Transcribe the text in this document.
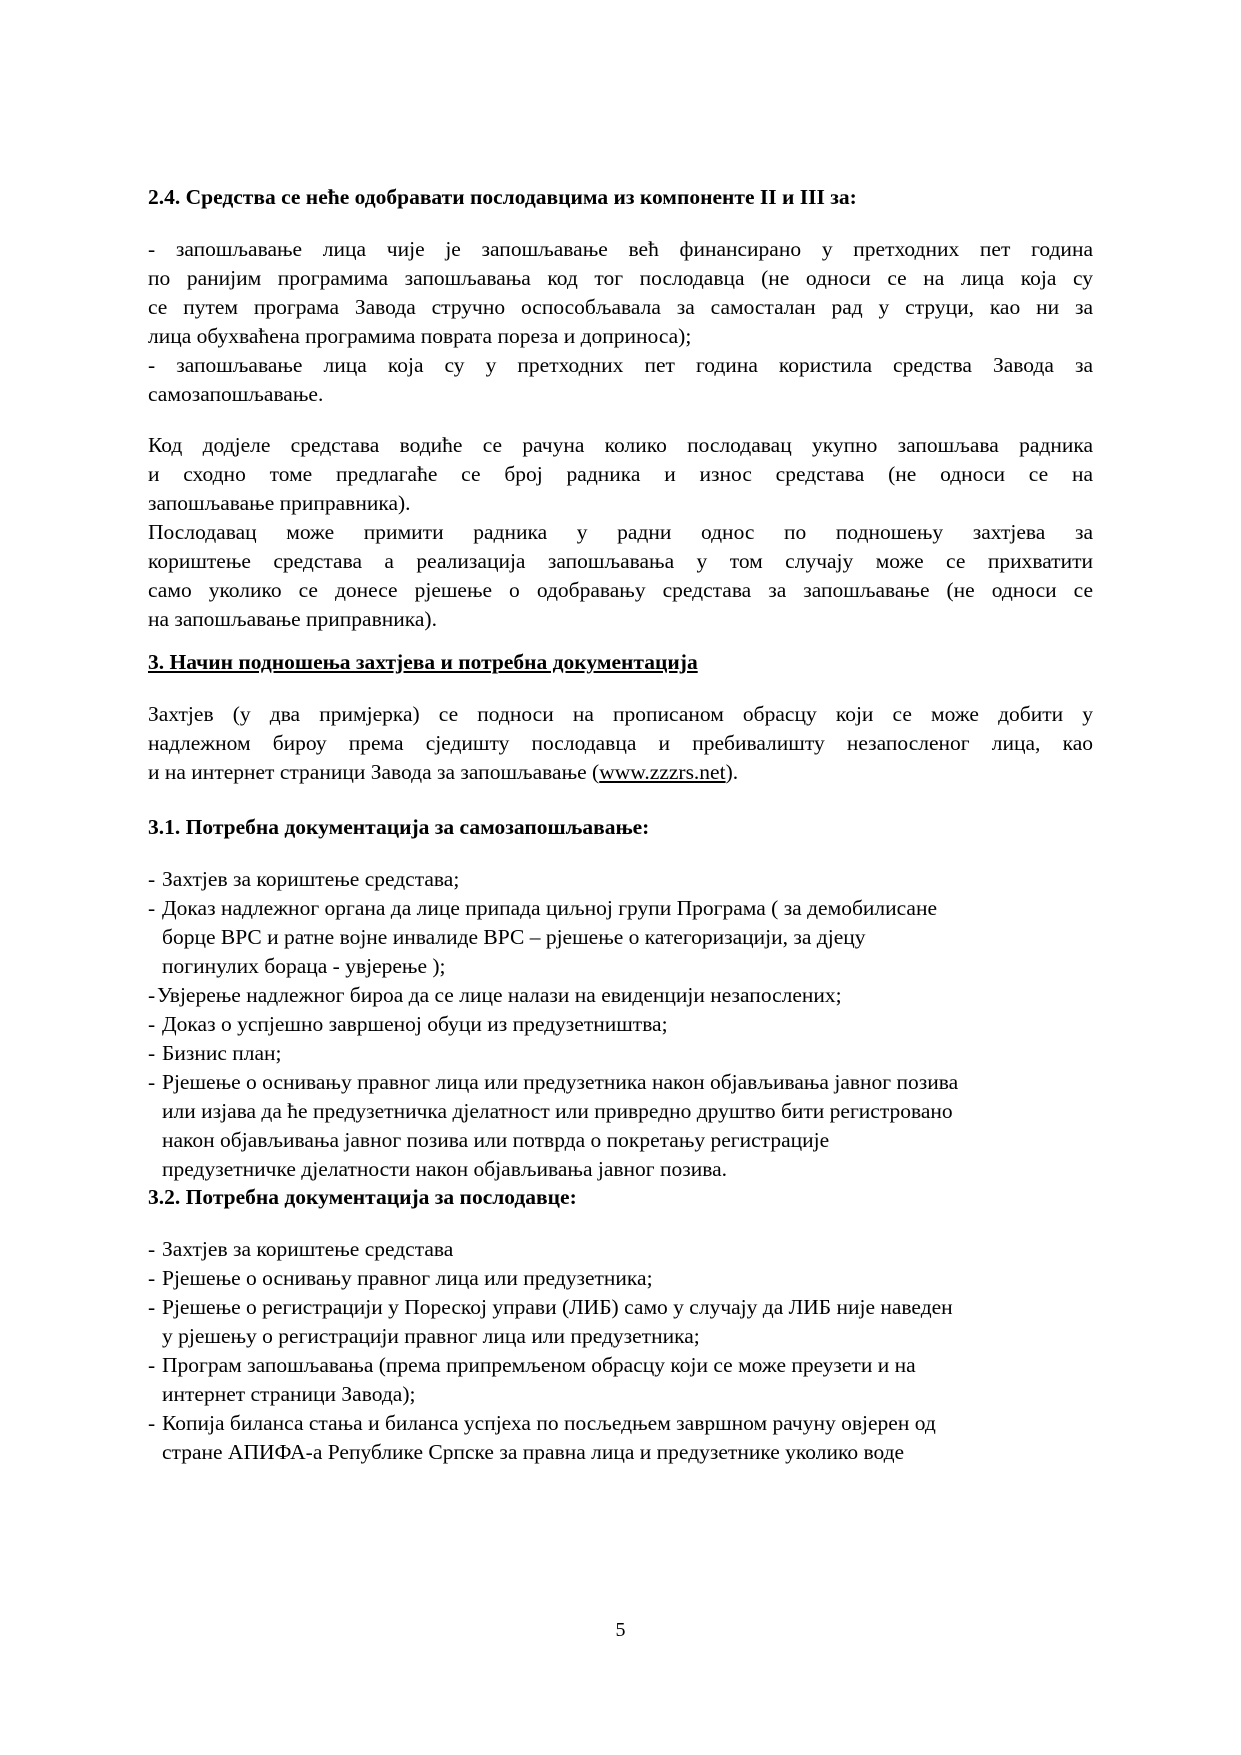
2.4. Средства се неће одобравати послодавцима из компоненте II и III за:

- запошљавање лица чије је запошљавање већ финансирано у претходних пет година
по ранијим програмима запошљавања код тог послодавца (не односи се на лица која су
се путем програма Завода стручно оспособљавала за самосталан рад у струци, као ни за
лица обухваћена програмима поврата пореза и доприноса);
- запошљавање лица која су у претходних пет година користила средства Завода за
самозапошљавање.
Код додјеле средстава водиће се рачуна колико послодавац укупно запошљава радника
и сходно томе предлагаће се број радника и износ средстава (не односи се на
запошљавање приправника).
Послодавац може примити радника у радни однос по подношењу захтјева за
кориштење средстава а реализација запошљавања у том случају може се прихватити
само уколико се донесе рјешење о одобравању средстава за запошљавање (не односи се
на запошљавање приправника).

3. Начин подношења захтјева и потребна документација

Захтјев (у два примјерка) се подноси на прописаном обрасцу који се може добити у
надлежном бироу према сједишту послодавца и пребивалишту незапосленог лица, као
и на интернет страници Завода за запошљавање (www.zzzrs.net).

3.1. Потребна документација за самозапошљавање:

- Захтјев за кориштење средстава;
- Доказ надлежног органа да лице припада циљној групи Програма ( за демобилисане
борце ВРС и ратне војне инвалиде ВРС – рјешење о категоризацији, за дјецу
погинулих бораца - увјерење );
- Увјерење надлежног бироа да се лице налази на евиденцији незапослених;
- Доказ о успјешно завршеној обуци из предузетништва;
- Бизнис план;
- Рјешење о оснивању правног лица или предузетника након објављивања јавног позива
или изјава да ће предузетничка дјелатност или привредно друштво бити регистровано
након објављивања јавног позива или потврда о покретању регистрације
предузетничке дјелатности након објављивања јавног позива.

3.2. Потребна документација за послодавце:

- Захтјев за кориштење средстава
- Рјешење о оснивању правног лица или предузетника;
- Рјешење о регистрацији у Пореској управи (ЛИБ) само у случају да ЛИБ није наведен
у рјешењу о регистрацији правног лица или предузетника;
- Програм запошљавања (према припремљеном обрасцу који се може преузети и на
интернет страници Завода);
- Копија биланса стања и биланса успјеха по посљедњем завршном рачуну овјерен од
стране АПИФА-а Републике Српске за правна лица и предузетнике уколико воде
5
